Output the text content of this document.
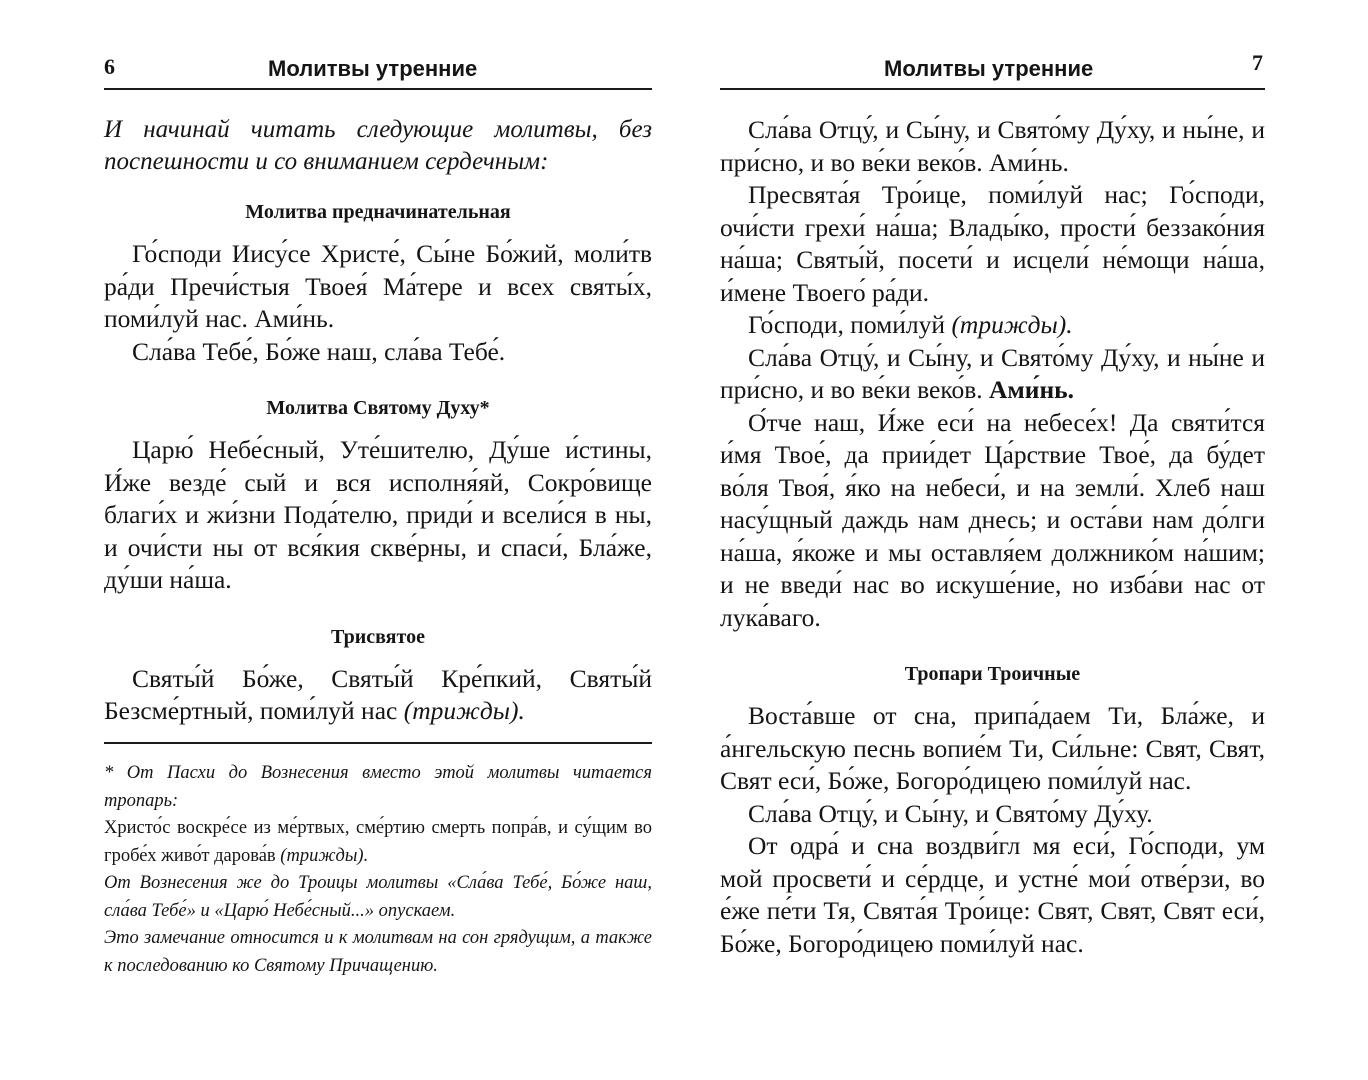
6	Молитвы утренние

И начинай читать следующие молитвы, без поспешности и со вниманием сердечным:

Молитва предначинательная

Го́споди Иису́се Христе́, Сы́не Бо́жий, моли́тв ра́ди Пречи́стыя Твоея́ Ма́тере и всех святы́х, поми́луй нас. Ами́нь.

Сла́ва Тебе́, Бо́же наш, сла́ва Тебе́.

Молитва Святому Духу*

Царю́ Небе́сный, Уте́шителю, Ду́ше и́стины, И́же везде́ сый и вся исполня́яй, Сокро́вище благи́х и жи́зни Пода́телю, приди́ и всели́ся в ны, и очи́сти ны от вся́кия скве́рны, и спаси́, Бла́же, ду́ши на́ша.

Трисвятое

Святы́й Бо́же, Святы́й Кре́пкий, Святы́й Безсме́ртный, поми́луй нас (трижды).

* От Пасхи до Вознесения вместо этой молитвы читается тропарь:

Христо́с воскре́се из ме́ртвых, сме́ртию смерть попра́в, и су́щим во гробе́х живо́т дарова́в (трижды).

От Вознесения же до Троицы молитвы «Сла́ва Тебе́, Бо́же наш, сла́ва Тебе́» и «Царю́ Небе́сный...» опускаем.

Это замечание относится и к молитвам на сон грядущим, а также к последованию ко Святому Причащению.

Молитвы утренние	7

Сла́ва Отцу́, и Сы́ну, и Свято́му Ду́ху, и ны́не, и при́сно, и во ве́ки веко́в. Ами́нь.

Пресвята́я Тро́ице, поми́луй нас; Го́споди, очи́сти грехи́ на́ша; Влады́ко, прости́ беззако́ния на́ша; Святы́й, посети́ и исцели́ не́мощи на́ша, и́мене Твоего́ ра́ди.

Го́споди, поми́луй (трижды).

Сла́ва Отцу́, и Сы́ну, и Свято́му Ду́ху, и ны́не и при́сно, и во ве́ки веко́в. Ами́нь.

О́тче наш, И́же еси́ на небесе́х! Да святи́тся и́мя Твое́, да прии́дет Ца́рствие Твое́, да бу́дет во́ля Твоя́, я́ко на небеси́, и на земли́. Хлеб наш насу́щный даждь нам днесь; и оста́ви нам до́лги на́ша, я́коже и мы оставля́ем должнико́м на́шим; и не введи́ нас во искуше́ние, но изба́ви нас от лука́ваго.

Тропари Троичные

Воста́вше от сна, припа́даем Ти, Бла́же, и а́нгельскую песнь вопие́м Ти, Си́льне: Свят, Свят, Свят еси́, Бо́же, Богоро́дицею поми́луй нас.

Сла́ва Отцу́, и Сы́ну, и Свято́му Ду́ху.

От одра́ и сна воздви́гл мя еси́, Го́споди, ум мой просвети́ и се́рдце, и устне́ мои́ отве́рзи, во е́же пе́ти Тя, Свята́я Тро́ице: Свят, Свят, Свят еси́, Бо́же, Богоро́дицею поми́луй нас.
